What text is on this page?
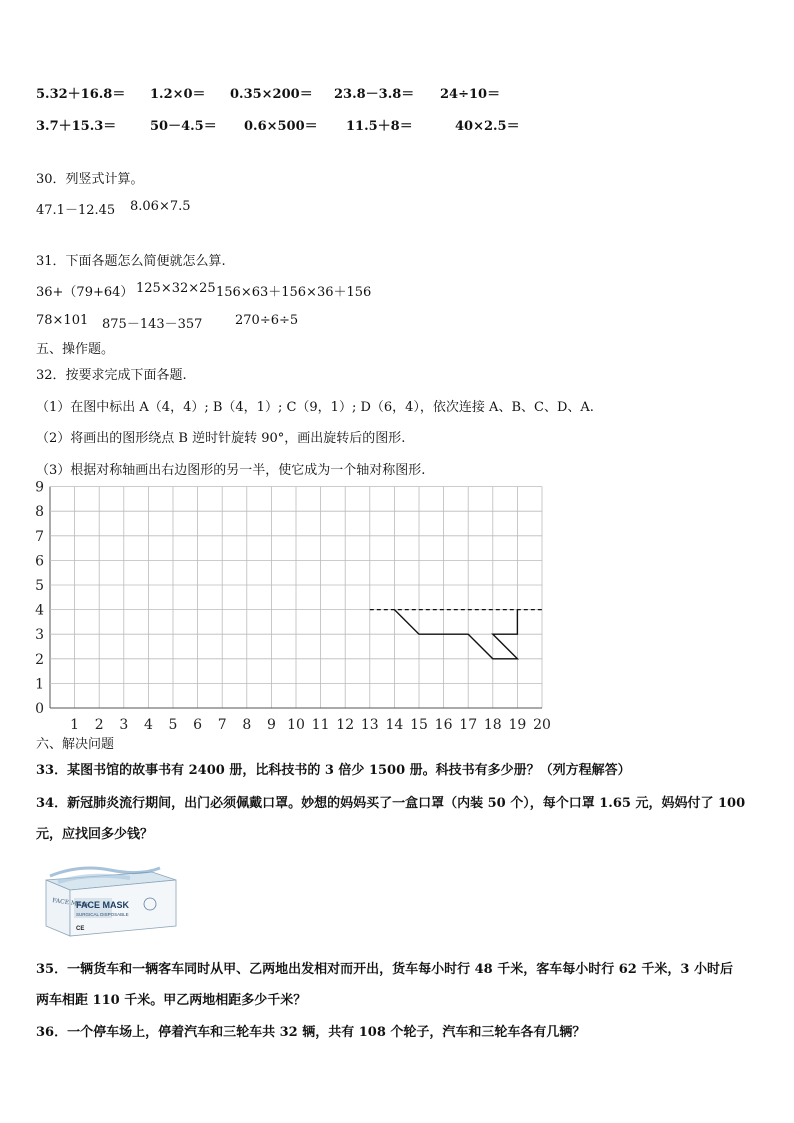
5.32＋16.8＝ 1.2×0＝ 0.35×200＝ 23.8－3.8＝ 24÷10＝
3.7＋15.3＝	50－4.5＝ 0.6×500＝ 11.5＋8＝	40×2.5＝
30．列竖式计算。
47.1－12.45 8.06×7.5
31．下面各题怎么简便就怎么算.
36+（79+64） 125×32×25 156×63＋156×36＋156
78×101 875－143－357	270÷6÷5
五、操作题。
32．按要求完成下面各题.
（1）在图中标出 A（4，4）; B（4，1）; C（9，1）; D（6，4），依次连接 A、B、C、D、A.
（2）将画出的图形绕点 B 逆时针旋转 90°，画出旋转后的图形.
（3）根据对称轴画出右边图形的另一半，使它成为一个轴对称图形.
1 2 3 4 5 6 7 8 9 10 11 12 13 14 15 16 17 18 19 20
0
1
2
3
4
5
6
7
8
9
六、解决问题
33．某图书馆的故事书有 2400 册，比科技书的 3 倍少 1500 册。科技书有多少册？（列方程解答）
34．新冠肺炎流行期间，出门必须佩戴口罩。妙想的妈妈买了一盒口罩（内装 50 个），每个口罩 1.65 元，妈妈付了 100
元，应找回多少钱？
FACE MASK
FACE MASK
SURGICAL DISPOSABLE
CE
35．一辆货车和一辆客车同时从甲、乙两地出发相对而开出，货车每小时行 48 千米，客车每小时行 62 千米，3 小时后
两车相距 110 千米。甲乙两地相距多少千米？
36．一个停车场上，停着汽车和三轮车共 32 辆，共有 108 个轮子，汽车和三轮车各有几辆？
